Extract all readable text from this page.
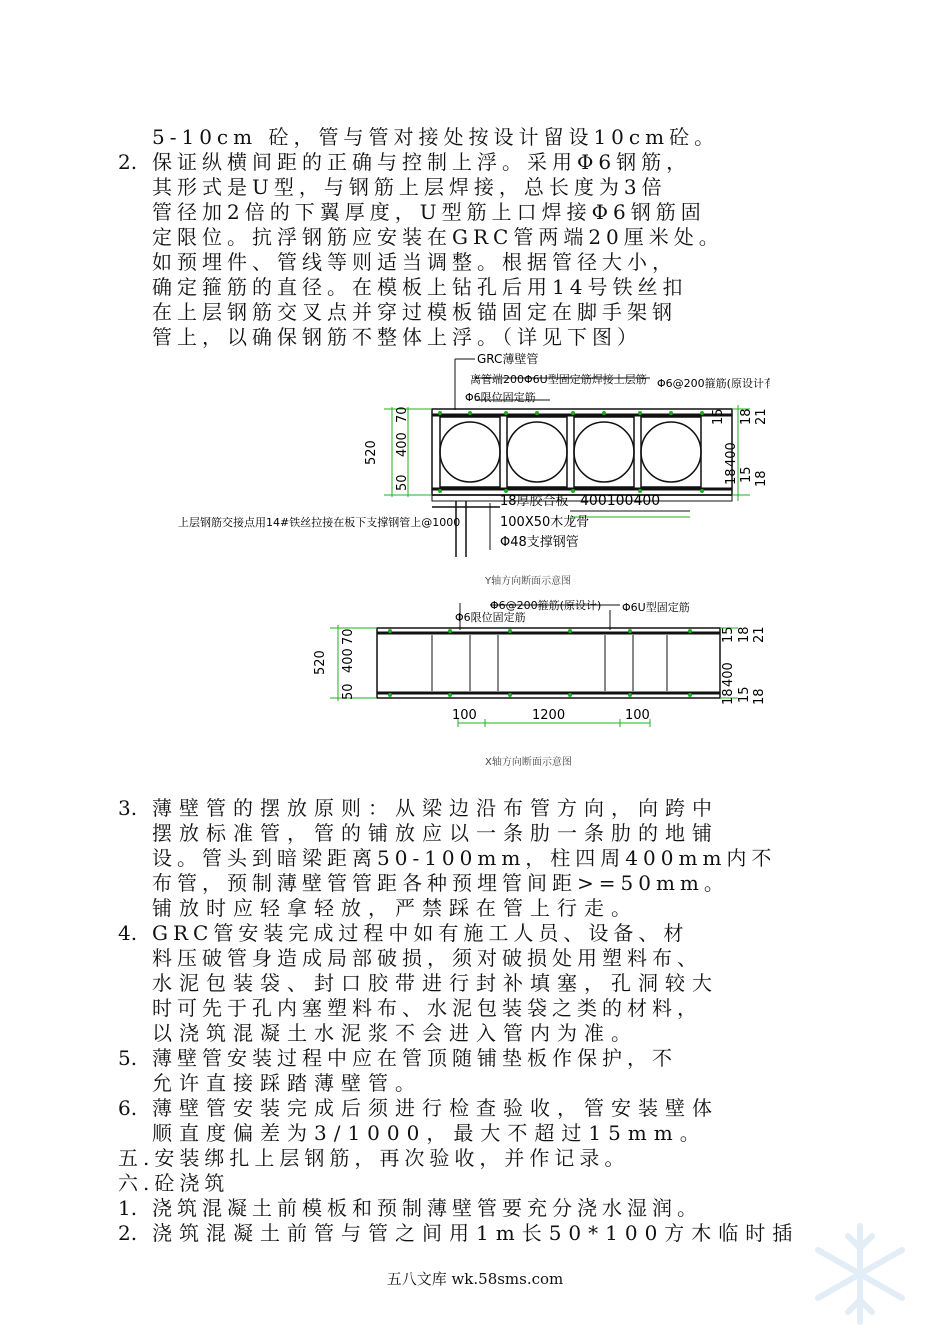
5-10cm 砼，管与管对接处按设计留设10cm砼。
2. 保证纵横间距的正确与控制上浮。采用Φ6钢筋，
其形式是U型，与钢筋上层焊接，总长度为3倍
管径加2倍的下翼厚度，U型筋上口焊接Φ6钢筋固
定限位。抗浮钢筋应安装在GRC管两端20厘米处。
如预埋件、管线等则适当调整。根据管径大小，
确定箍筋的直径。在模板上钻孔后用14号铁丝扣
在上层钢筋交叉点并穿过模板锚固定在脚手架钢
管上，以确保钢筋不整体上浮。（详见下图）
GRC薄壁管
离管端200Φ6U型固定筋焊接上层筋 Φ6@200箍筋(原设计有)
Φ6限位固定筋
520
70
400
50
15 18 21
400
18 15 18
18厚胶合板
100X50木龙骨
Φ48支撑钢管
400100400
上层钢筋交接点用14#铁丝拉接在板下支撑钢管上@1000
Y轴方向断面示意图
Φ6@200箍筋(原设计) Φ6U型固定筋
Φ6限位固定筋
520
70
400
50
15 18 21
400
18 15 18
100	1200	100
X轴方向断面示意图
3. 薄壁管的摆放原则：从梁边沿布管方向，向跨中
摆放标准管，管的铺放应以一条肋一条肋的地铺
设。管头到暗梁距离50-100mm，柱四周400mm内不
布管，预制薄壁管管距各种预埋管间距>=50mm。
铺放时应轻拿轻放，严禁踩在管上行走。
4. GRC管安装完成过程中如有施工人员、设备、材
料压破管身造成局部破损，须对破损处用塑料布、
水泥包装袋、封口胶带进行封补填塞，孔洞较大
时可先于孔内塞塑料布、水泥包装袋之类的材料，
以浇筑混凝土水泥浆不会进入管内为准。
5. 薄壁管安装过程中应在管顶随铺垫板作保护，不
允许直接踩踏薄壁管。
6. 薄壁管安装完成后须进行检查验收，管安装壁体
顺直度偏差为3/1000，最大不超过15mm。
五.安装绑扎上层钢筋，再次验收，并作记录。
六.砼浇筑
1. 浇筑混凝土前模板和预制薄壁管要充分浇水湿润。
2. 浇筑混凝土前管与管之间用1m长50*100方木临时插
五八文库 wk.58sms.com
